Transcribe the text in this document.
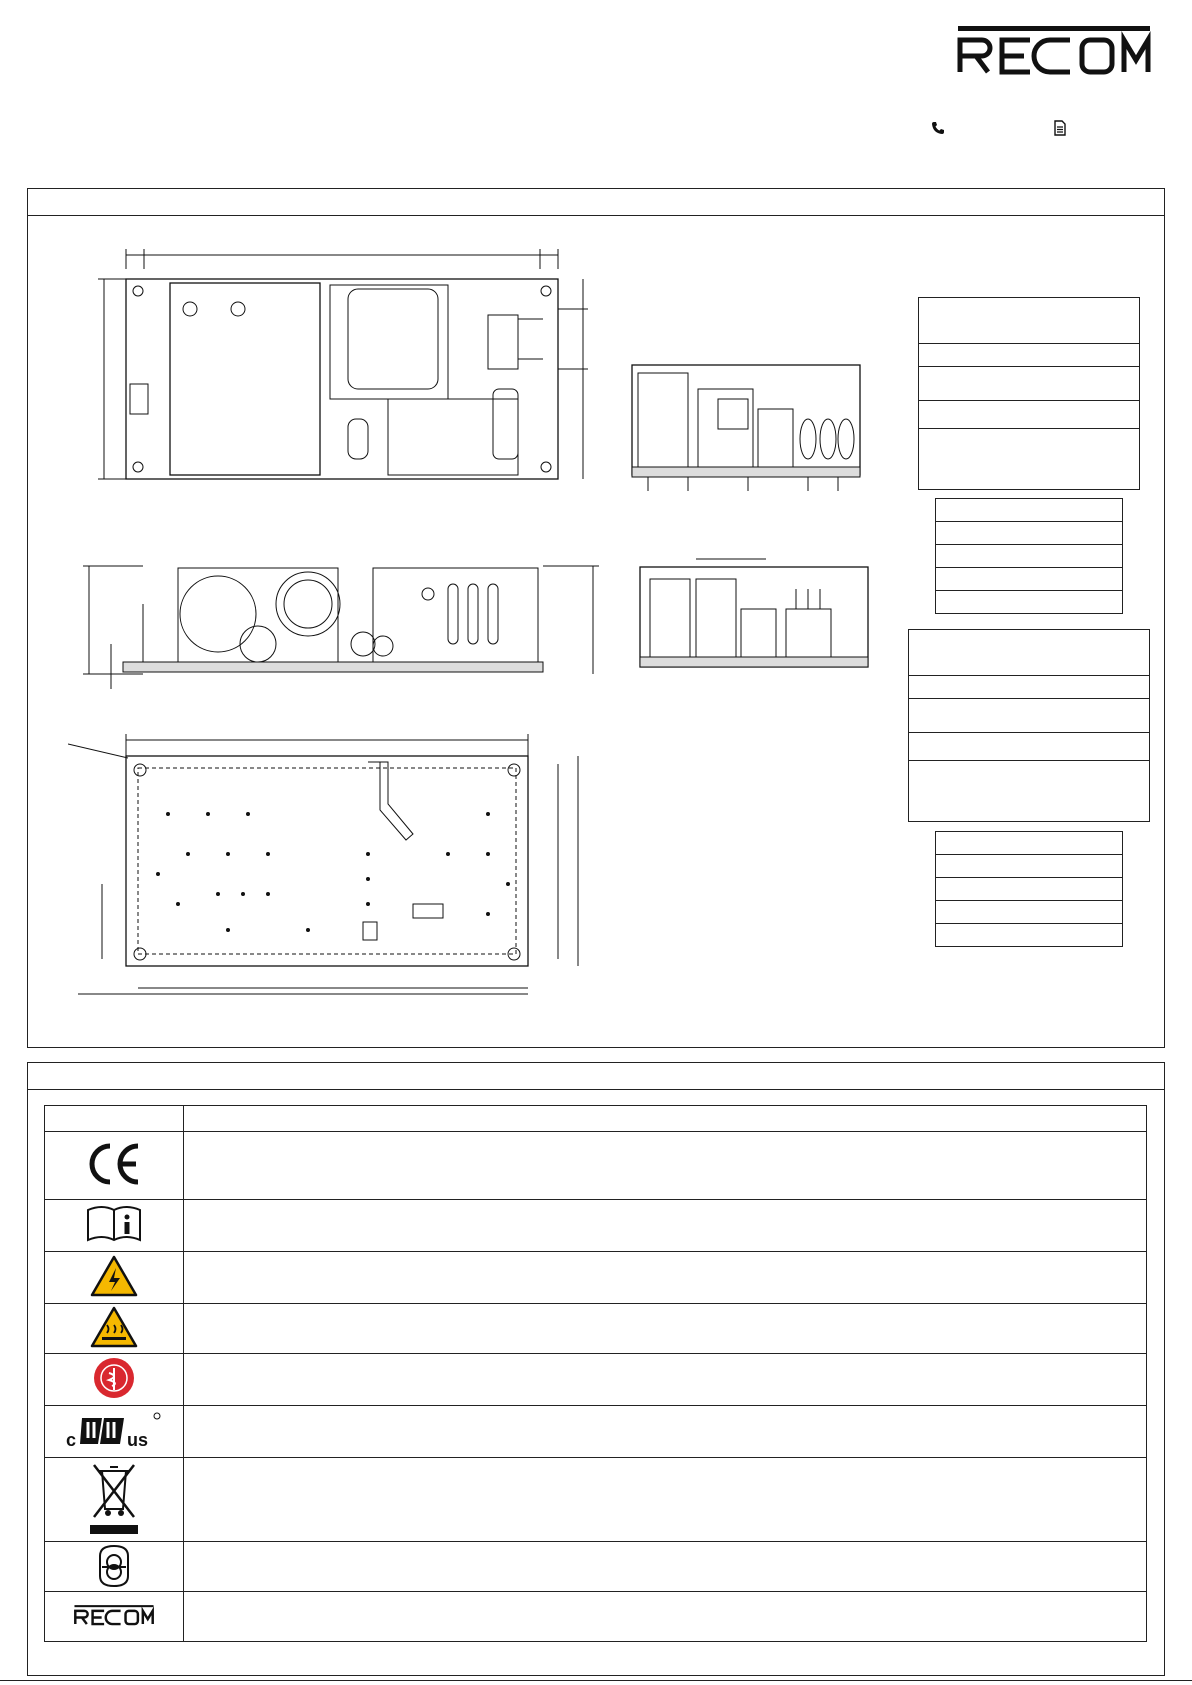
c us	
